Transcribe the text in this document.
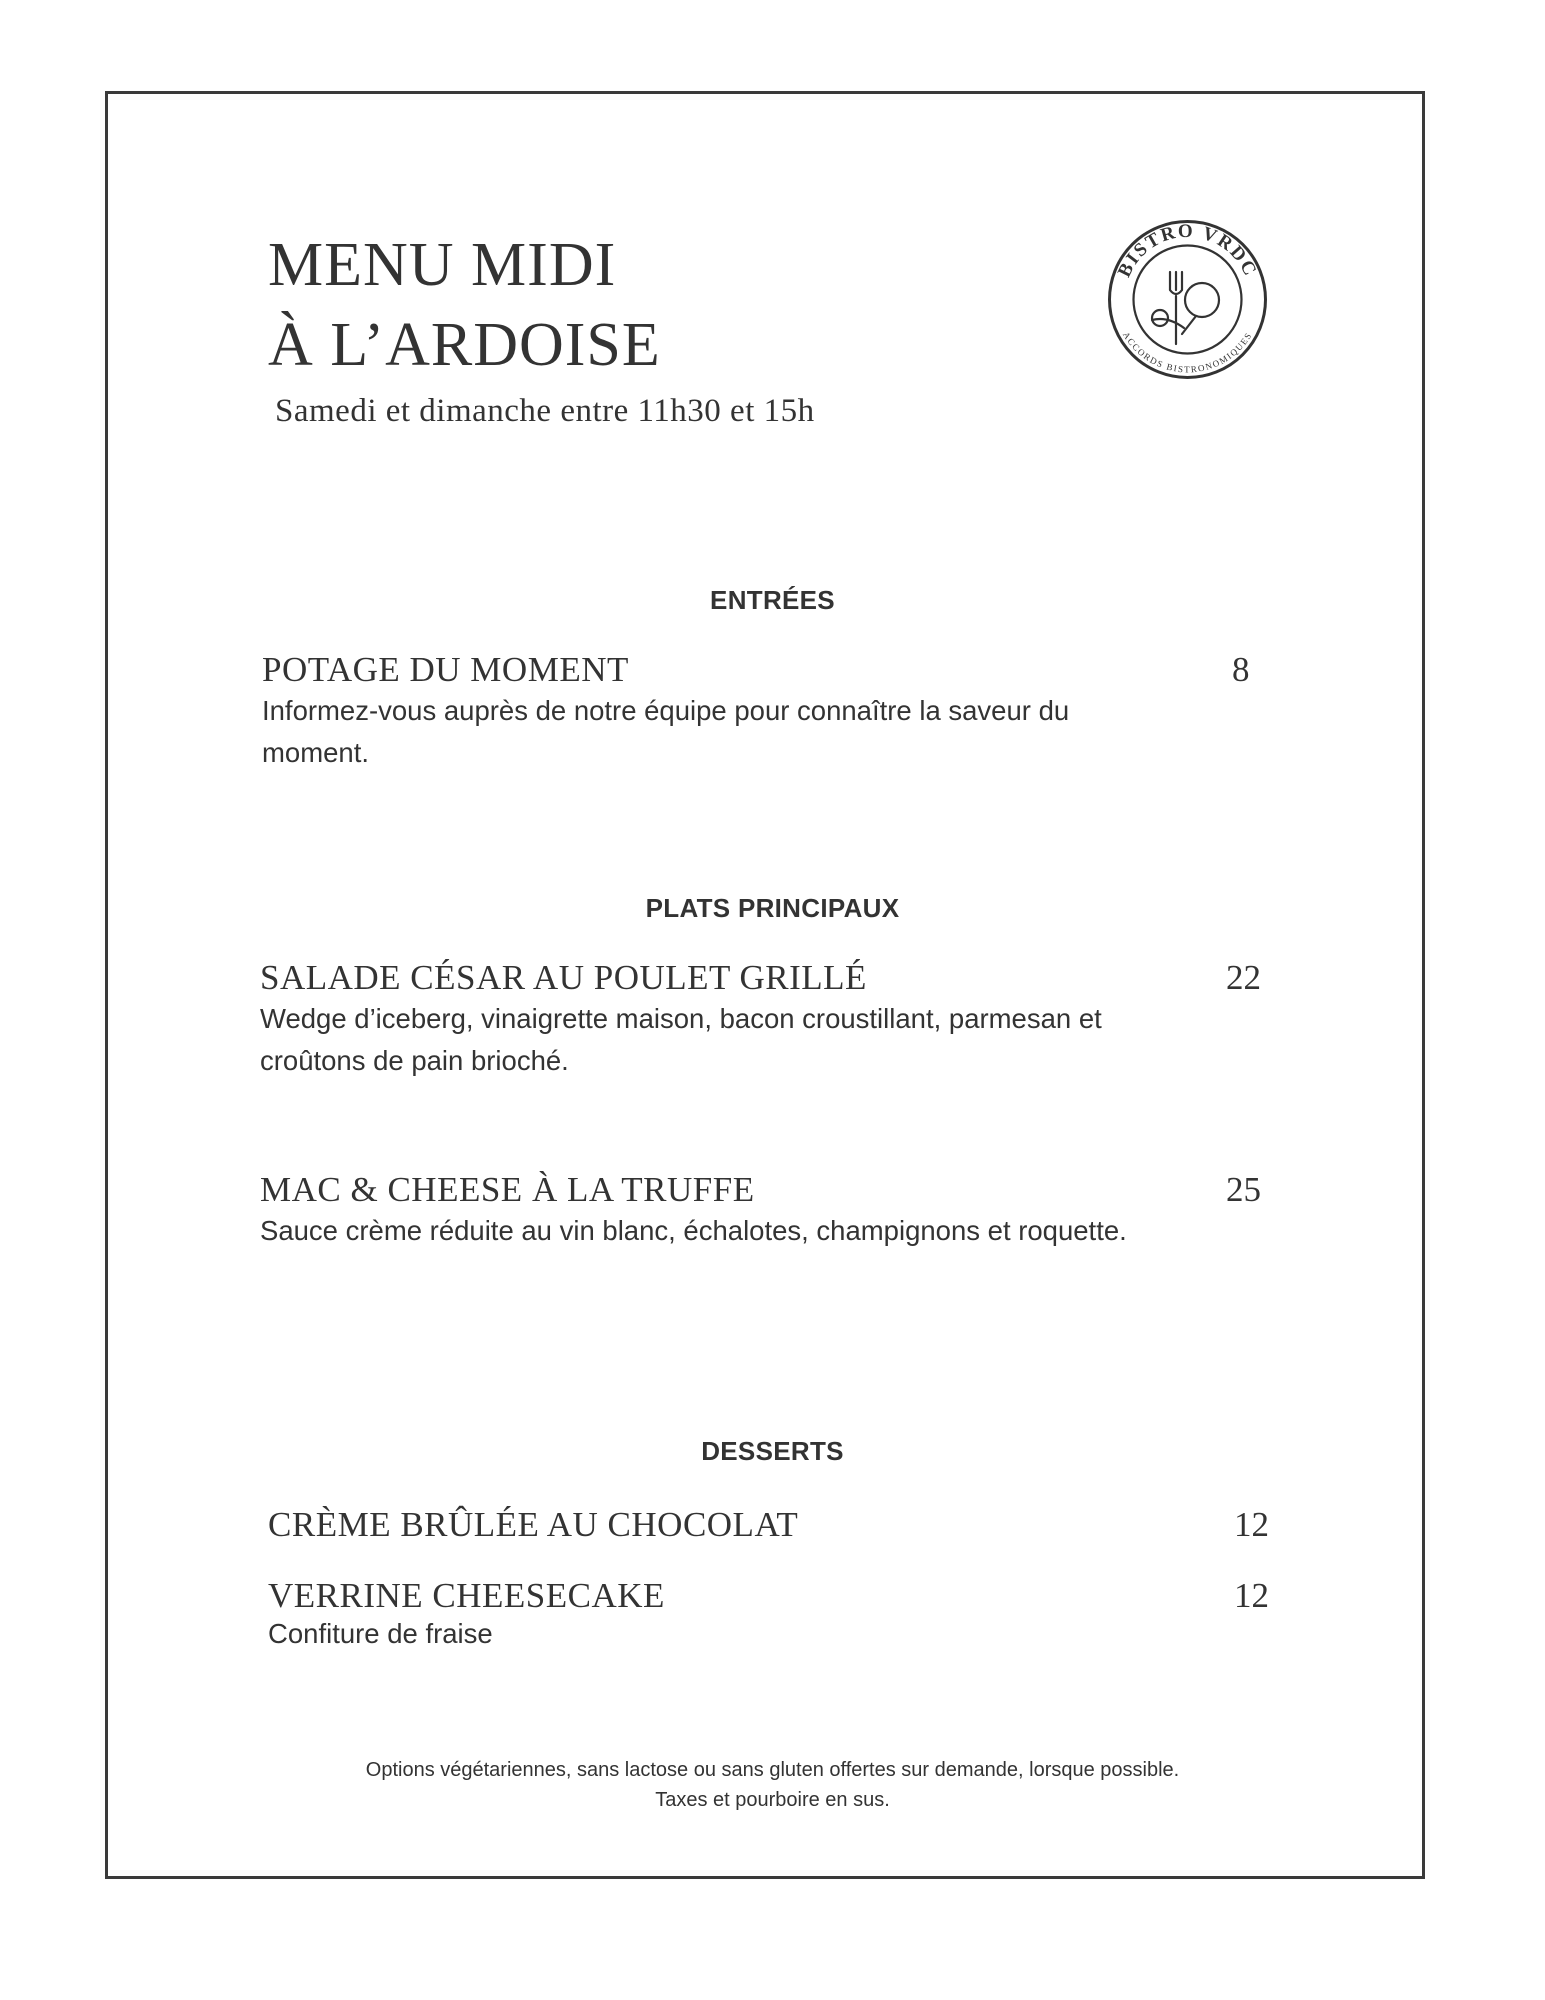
MENU MIDI
À L’ARDOISE
Samedi et dimanche entre 11h30 et 15h
BISTRO VRDC
ACCORDS BISTRONOMIQUES
ENTRÉES
POTAGE DU MOMENT	8
Informez-vous auprès de notre équipe pour connaître la saveur du moment.
PLATS PRINCIPAUX
SALADE CÉSAR AU POULET GRILLÉ	22
Wedge d’iceberg, vinaigrette maison, bacon croustillant, parmesan et croûtons de pain brioché.
MAC & CHEESE À LA TRUFFE	25
Sauce crème réduite au vin blanc, échalotes, champignons et roquette.
DESSERTS
CRÈME BRÛLÉE AU CHOCOLAT	12
VERRINE CHEESECAKE	12
Confiture de fraise
Options végétariennes, sans lactose ou sans gluten offertes sur demande, lorsque possible.
Taxes et pourboire en sus.
